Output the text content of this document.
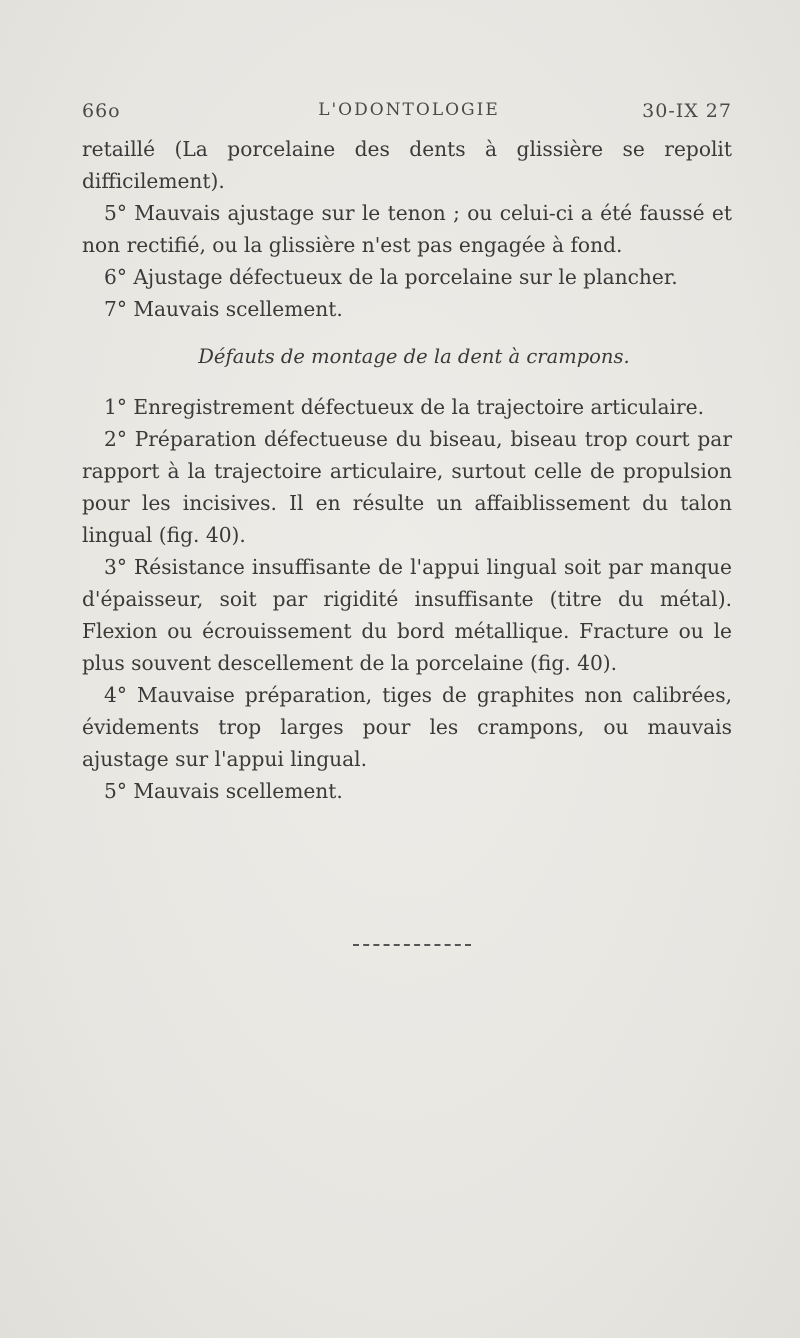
66o	L'ODONTOLOGIE	30-IX 27

retaillé (La porcelaine des dents à glissière se repolit difficilement).

5° Mauvais ajustage sur le tenon ; ou celui-ci a été faussé et non rectifié, ou la glissière n'est pas engagée à fond.

6° Ajustage défectueux de la porcelaine sur le plancher.

7° Mauvais scellement.

Défauts de montage de la dent à crampons.

1° Enregistrement défectueux de la trajectoire articulaire.

2° Préparation défectueuse du biseau, biseau trop court par rapport à la trajectoire articulaire, surtout celle de propulsion pour les incisives. Il en résulte un affaiblissement du talon lingual (fig. 40).

3° Résistance insuffisante de l'appui lingual soit par manque d'épaisseur, soit par rigidité insuffisante (titre du métal). Flexion ou écrouissement du bord métallique. Fracture ou le plus souvent descellement de la porcelaine (fig. 40).

4° Mauvaise préparation, tiges de graphites non calibrées, évidements trop larges pour les crampons, ou mauvais ajustage sur l'appui lingual.

5° Mauvais scellement.
